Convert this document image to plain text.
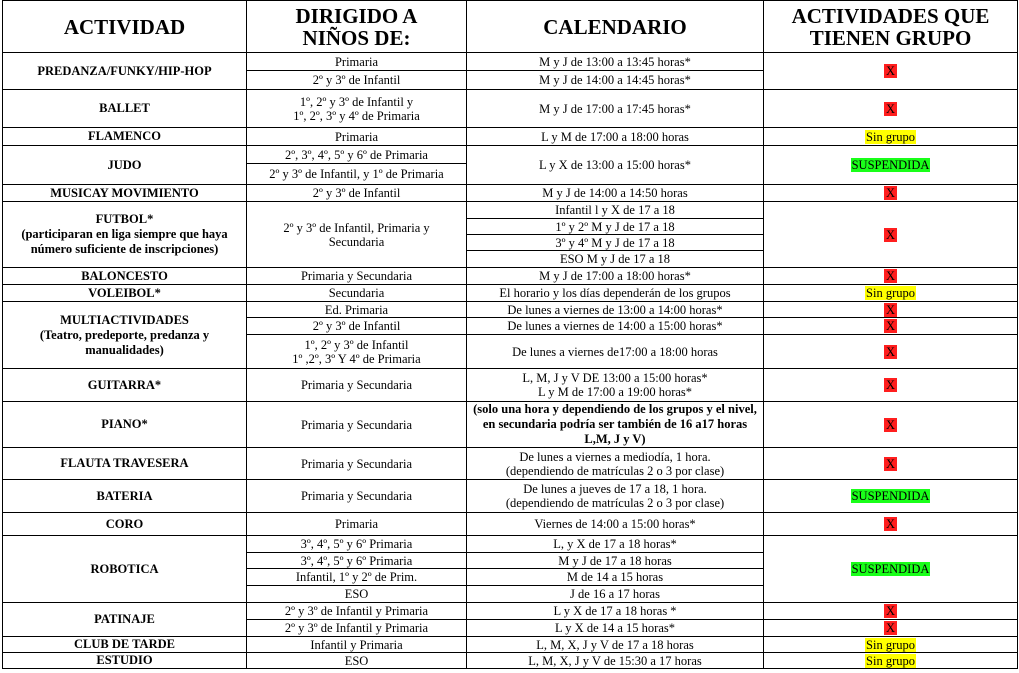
ACTIVIDAD	DIRIGIDO A NIÑOS DE:	CALENDARIO	ACTIVIDADES QUE TIENEN GRUPO
PREDANZA/FUNKY/HIP-HOP	Primaria	M y J de 13:00 a 13:45 horas*	X
	2º y 3º de Infantil	M y J de 14:00 a 14:45 horas*	
BALLET	1º, 2º y 3º de Infantil y
1º, 2º, 3º y 4º de Primaria	M y J de 17:00 a 17:45 horas*	X
FLAMENCO	Primaria	L y M de 17:00 a 18:00 horas	Sin grupo
JUDO	2º, 3º, 4º, 5º y 6º de Primaria	L y X de 13:00 a 15:00 horas*	SUSPENDIDA
	2º y 3º de Infantil, y 1º de Primaria		
MUSICAY MOVIMIENTO	2º y 3º de Infantil	M y J de 14:00 a 14:50 horas	X

FUTBOL*
(participaran en liga siempre que haya número suficiente de inscripciones)	2º y 3º de Infantil, Primaria y Secundaria	Infantil l y X de 17 a 18	X
		1º y 2º M y J de 17 a 18	
		3º y 4º M y J de 17 a 18	
		ESO M y J de 17 a 18	
BALONCESTO	Primaria y Secundaria	M y J de 17:00 a 18:00 horas*	X
VOLEIBOL*	Secundaria	El horario y los días dependerán de los grupos	Sin grupo

MULTIACTIVIDADES
(Teatro, predeporte, predanza y manualidades)	Ed. Primaria	De lunes a viernes de 13:00 a 14:00 horas*	X
	2º y 3º de Infantil	De lunes a viernes de 14:00 a 15:00 horas*	X

	1º, 2º y 3º de Infantil
1º ,2º, 3º Y 4º de Primaria	De lunes a viernes de17:00 a 18:00 horas	X
GUITARRA*	Primaria y Secundaria	L, M, J y V DE 13:00 a 15:00 horas*
L y M de 17:00 a 19:00 horas*	X
PIANO*	Primaria y Secundaria	(solo una hora y dependiendo de los grupos y el nivel, en secundaria podría ser también de 16 a17 horas L,M, J y V)	X
FLAUTA TRAVESERA	Primaria y Secundaria	De lunes a viernes a mediodía, 1 hora.
(dependiendo de matrículas 2 o 3 por clase)	X
BATERIA	Primaria y Secundaria	De lunes a jueves de 17 a 18, 1 hora.
(dependiendo de matrículas 2 o 3 por clase)	SUSPENDIDA
CORO	Primaria	Viernes de 14:00 a 15:00 horas*	X
ROBOTICA	3º, 4º, 5º y 6º Primaria	L, y X de 17 a 18 horas*	SUSPENDIDA
	3º, 4º, 5º y 6º Primaria	M y J de 17 a 18 horas	
	Infantil, 1º y 2º de Prim.	M de 14 a 15 horas	
	ESO	J de 16 a 17 horas	
PATINAJE	2º y 3º de Infantil y Primaria	L y X de 17 a 18 horas *	X
	2º y 3º de Infantil y Primaria	L y X de 14 a 15 horas*	X
CLUB DE TARDE	Infantil y Primaria	L, M, X, J y V de 17 a 18 horas	Sin grupo
ESTUDIO	ESO	L, M, X, J y V de 15:30 a 17 horas	Sin grupo
